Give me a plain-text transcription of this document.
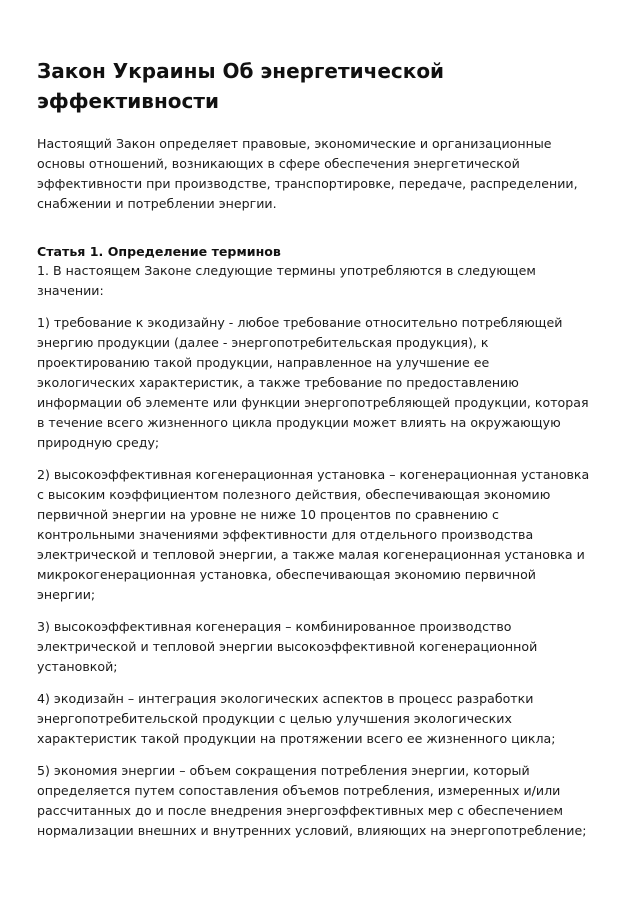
Закон Украины Об энергетической
эффективности

Настоящий Закон определяет правовые, экономические и организационные
основы отношений, возникающих в сфере обеспечения энергетической
эффективности при производстве, транспортировке, передаче, распределении,
снабжении и потреблении энергии.

Статья 1. Определение терминов

1. В настоящем Законе следующие термины употребляются в следующем
значении:

1) требование к экодизайну - любое требование относительно потребляющей
энергию продукции (далее - энергопотребительская продукция), к
проектированию такой продукции, направленное на улучшение ее
экологических характеристик, а также требование по предоставлению
информации об элементе или функции энергопотребляющей продукции, которая
в течение всего жизненного цикла продукции может влиять на окружающую
природную среду;

2) высокоэффективная когенерационная установка – когенерационная установка
с высоким коэффициентом полезного действия, обеспечивающая экономию
первичной энергии на уровне не ниже 10 процентов по сравнению с
контрольными значениями эффективности для отдельного производства
электрической и тепловой энергии, а также малая когенерационная установка и
микрокогенерационная установка, обеспечивающая экономию первичной
энергии;

3) высокоэффективная когенерация – комбинированное производство
электрической и тепловой энергии высокоэффективной когенерационной
установкой;

4) экодизайн – интеграция экологических аспектов в процесс разработки
энергопотребительской продукции с целью улучшения экологических
характеристик такой продукции на протяжении всего ее жизненного цикла;

5) экономия энергии – объем сокращения потребления энергии, который
определяется путем сопоставления объемов потребления, измеренных и/или
рассчитанных до и после внедрения энергоэффективных мер с обеспечением
нормализации внешних и внутренних условий, влияющих на энергопотребление;
